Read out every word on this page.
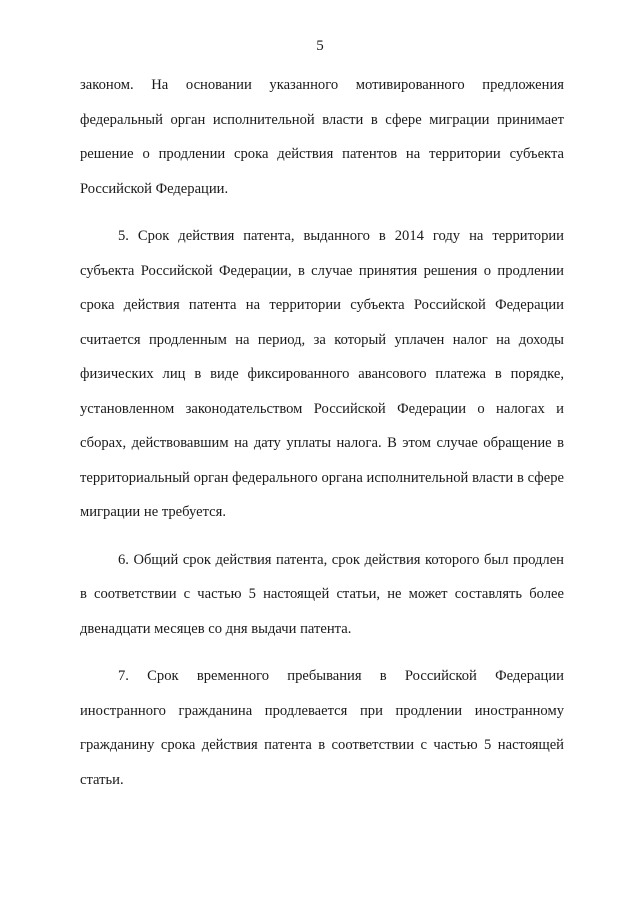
5

законом. На основании указанного мотивированного предложения федеральный орган исполнительной власти в сфере миграции принимает решение о продлении срока действия патентов на территории субъекта Российской Федерации.

5. Срок действия патента, выданного в 2014 году на территории субъекта Российской Федерации, в случае принятия решения о продлении срока действия патента на территории субъекта Российской Федерации считается продленным на период, за который уплачен налог на доходы физических лиц в виде фиксированного авансового платежа в порядке, установленном законодательством Российской Федерации о налогах и сборах, действовавшим на дату уплаты налога. В этом случае обращение в территориальный орган федерального органа исполнительной власти в сфере миграции не требуется.

6. Общий срок действия патента, срок действия которого был продлен в соответствии с частью 5 настоящей статьи, не может составлять более двенадцати месяцев со дня выдачи патента.

7. Срок временного пребывания в Российской Федерации иностранного гражданина продлевается при продлении иностранному гражданину срока действия патента в соответствии с частью 5 настоящей статьи.
